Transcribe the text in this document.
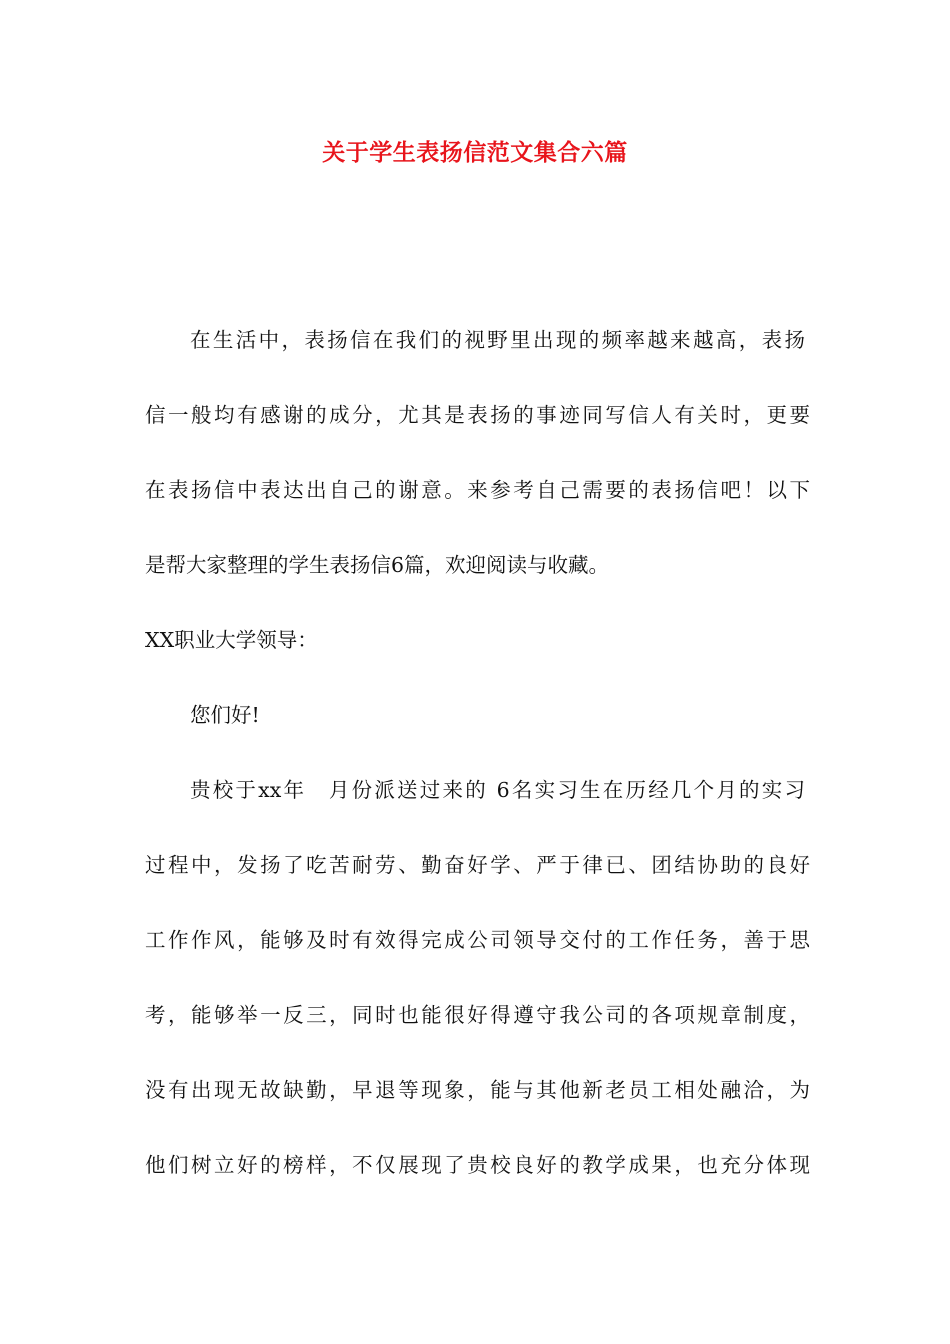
关于学生表扬信范文集合六篇
在生活中，表扬信在我们的视野里出现的频率越来越高，表扬
信一般均有感谢的成分，尤其是表扬的事迹同写信人有关时，更要
在表扬信中表达出自己的谢意。来参考自己需要的表扬信吧！以下
是帮大家整理的学生表扬信6篇，欢迎阅读与收藏。
XX职业大学领导：
您们好!
贵校于xx年　月份派送过来的 6名实习生在历经几个月的实习
过程中，发扬了吃苦耐劳、勤奋好学、严于律已、团结协助的良好
工作作风，能够及时有效得完成公司领导交付的工作任务，善于思
考，能够举一反三，同时也能很好得遵守我公司的各项规章制度，
没有出现无故缺勤，早退等现象，能与其他新老员工相处融洽，为
他们树立好的榜样，不仅展现了贵校良好的教学成果，也充分体现
